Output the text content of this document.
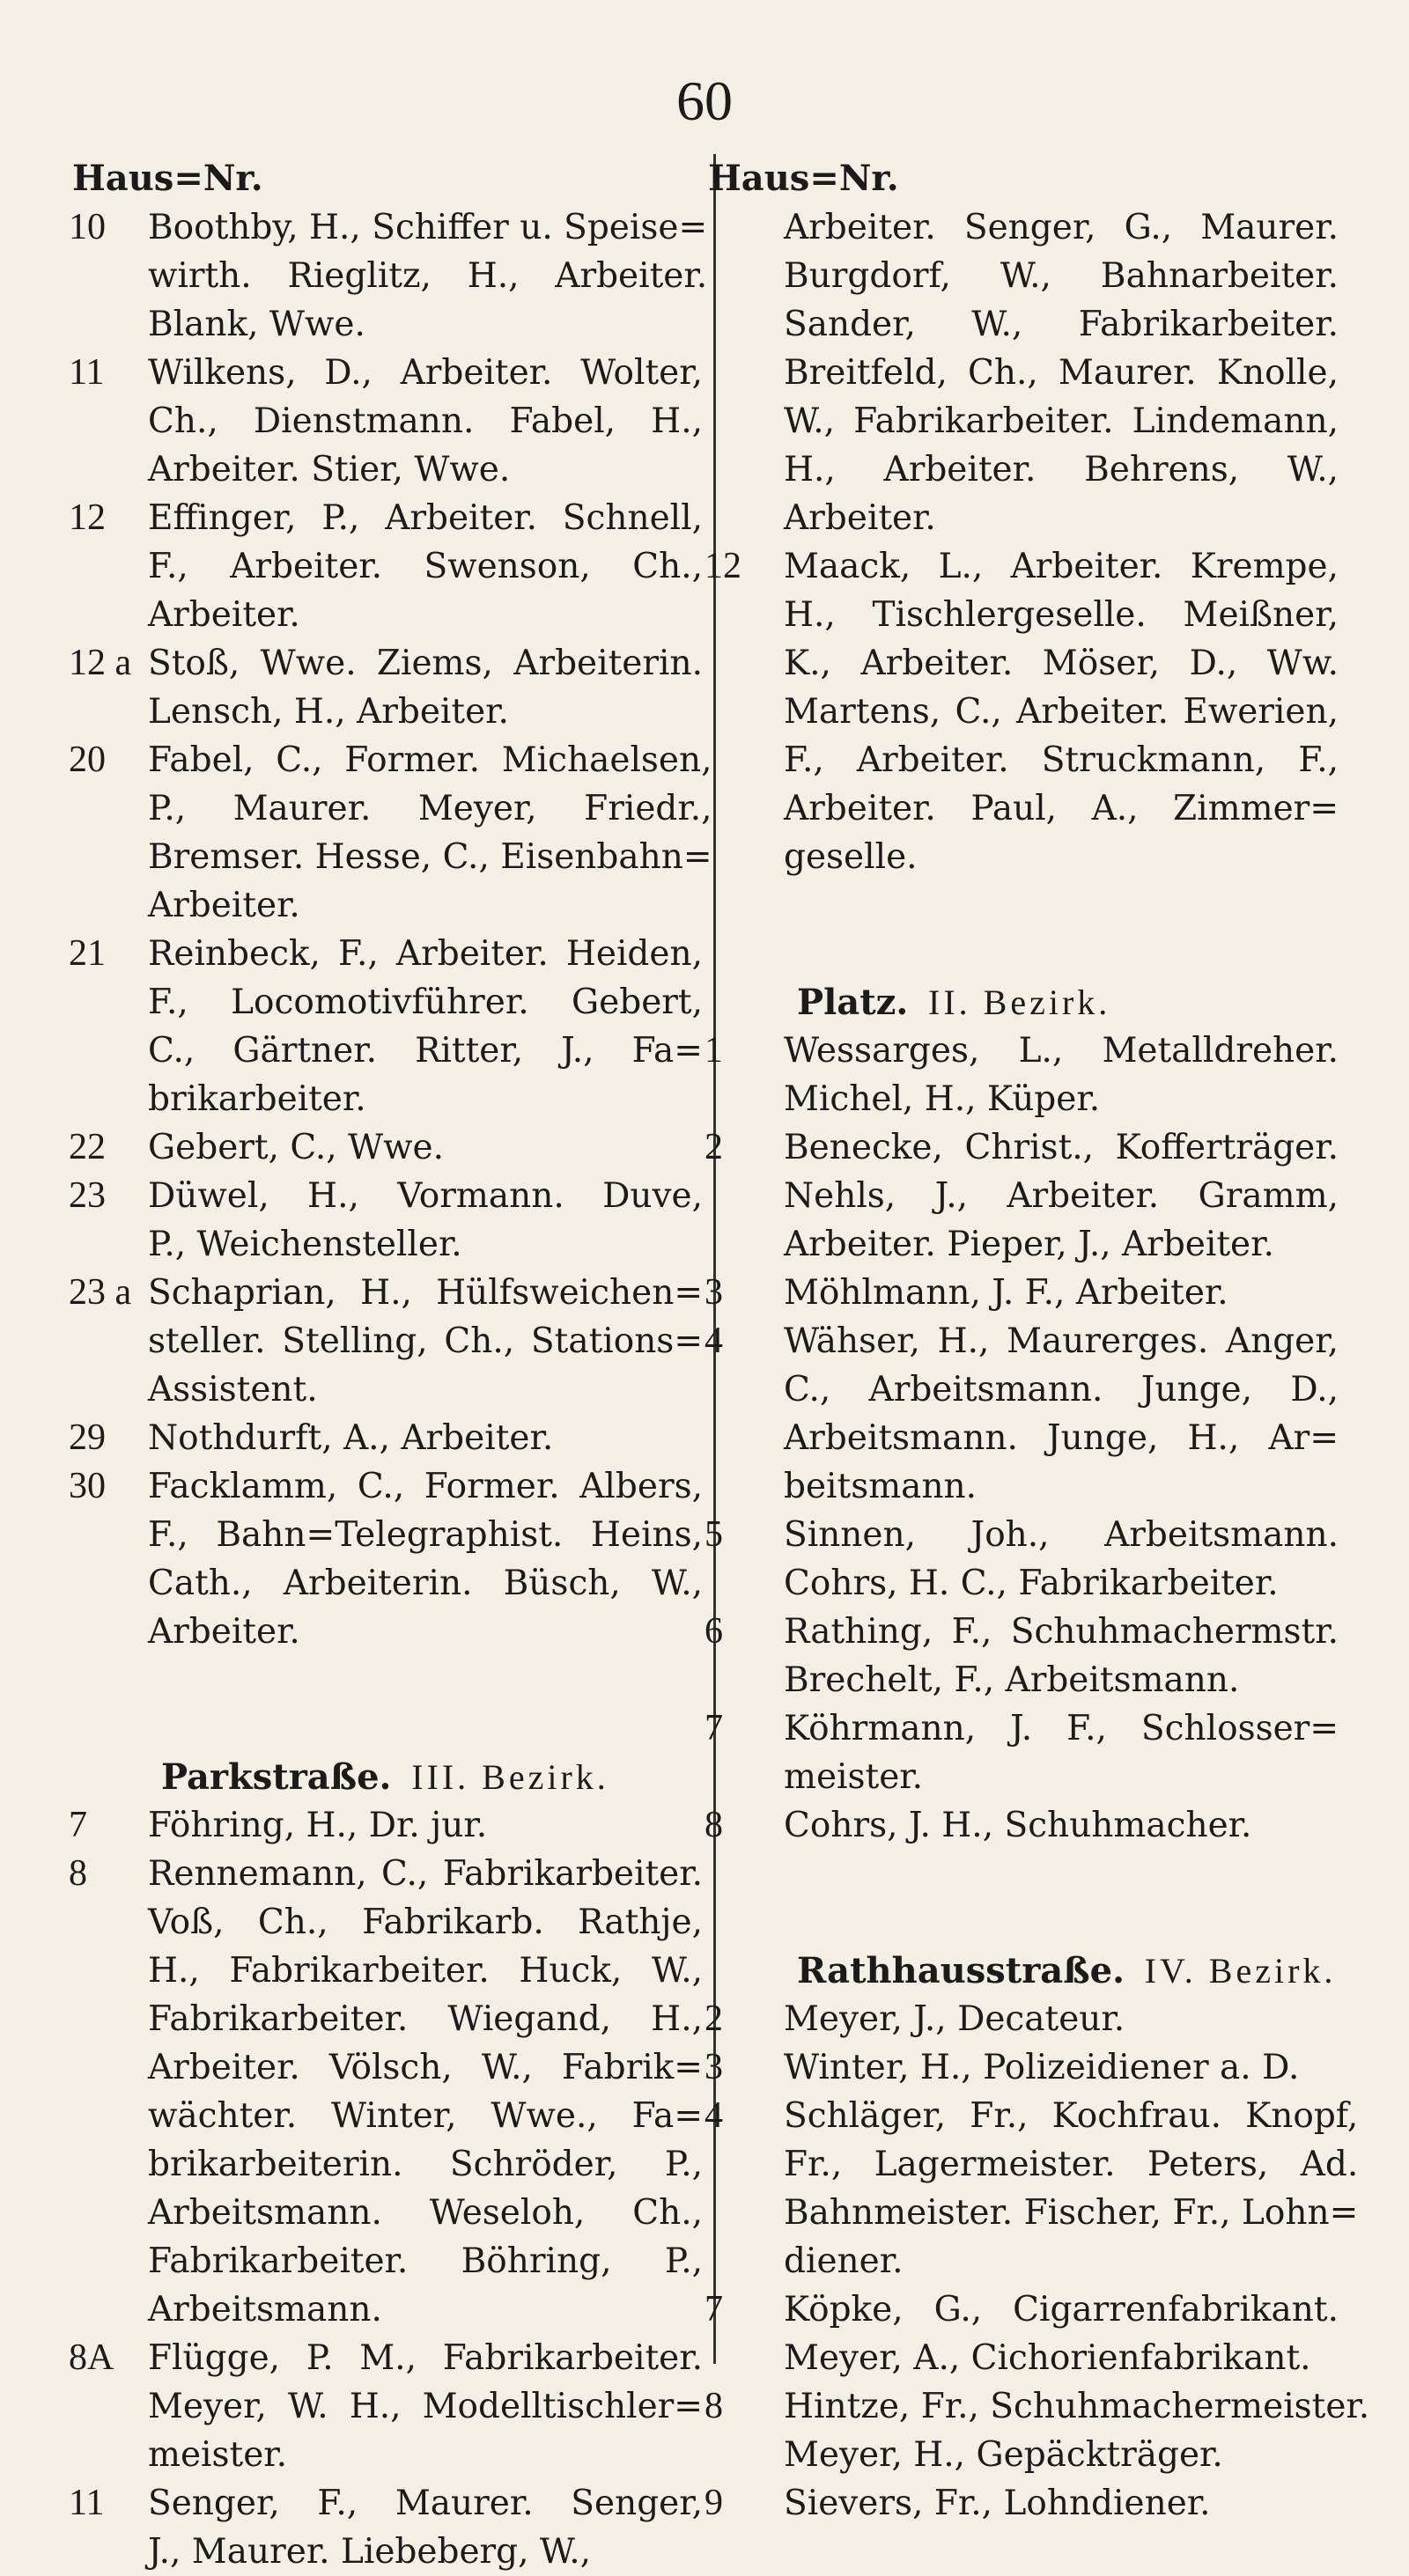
60
Haus=Nr.
10	Boothby, H., Schiffer u. Speise=
wirth. Rieglitz, H., Arbeiter.
Blank, Wwe.
11	Wilkens, D., Arbeiter. Wolter,
Ch., Dienstmann. Fabel, H.,
Arbeiter. Stier, Wwe.
12	Effinger, P., Arbeiter. Schnell,
F., Arbeiter. Swenson, Ch.,
Arbeiter.
12 a Stoß, Wwe. Ziems, Arbeiterin.
Lensch, H., Arbeiter.
20	Fabel, C., Former. Michaelsen,
P., Maurer. Meyer, Friedr.,
Bremser. Hesse, C., Eisenbahn=
Arbeiter.
21	Reinbeck, F., Arbeiter. Heiden,
F., Locomotivführer. Gebert,
C., Gärtner. Ritter, J., Fa=
brikarbeiter.
22	Gebert, C., Wwe.
23	Düwel, H., Vormann. Duve,
P., Weichensteller.
23 a Schaprian, H., Hülfsweichen=
steller. Stelling, Ch., Stations=
Assistent.
29	Nothdurft, A., Arbeiter.
30	Facklamm, C., Former. Albers,
F., Bahn=Telegraphist. Heins,
Cath., Arbeiterin. Büsch, W.,
Arbeiter.
Parkstraße. III. Bezirk.
7	Föhring, H., Dr. jur.
8	Rennemann, C., Fabrikarbeiter.
Voß, Ch., Fabrikarb. Rathje,
H., Fabrikarbeiter. Huck, W.,
Fabrikarbeiter. Wiegand, H.,
Arbeiter. Völsch, W., Fabrik=
wächter. Winter, Wwe., Fa=
brikarbeiterin. Schröder, P.,
Arbeitsmann. Weseloh, Ch.,
Fabrikarbeiter. Böhring, P.,
Arbeitsmann.
8A Flügge, P. M., Fabrikarbeiter.
Meyer, W. H., Modelltischler=
meister.
11	Senger, F., Maurer. Senger,
J., Maurer. Liebeberg, W.,
Haus=Nr.
Arbeiter. Senger, G., Maurer.
Burgdorf, W., Bahnarbeiter.
Sander, W., Fabrikarbeiter.
Breitfeld, Ch., Maurer. Knolle,
W., Fabrikarbeiter. Lindemann,
H., Arbeiter. Behrens, W.,
Arbeiter.
12	Maack, L., Arbeiter. Krempe,
H., Tischlergeselle. Meißner,
K., Arbeiter. Möser, D., Ww.
Martens, C., Arbeiter. Ewerien,
F., Arbeiter. Struckmann, F.,
Arbeiter. Paul, A., Zimmer=
geselle.
Platz. II. Bezirk.
1	Wessarges, L., Metalldreher.
Michel, H., Küper.
2	Benecke, Christ., Kofferträger.
Nehls, J., Arbeiter. Gramm,
Arbeiter. Pieper, J., Arbeiter.
3	Möhlmann, J. F., Arbeiter.
4	Wähser, H., Maurerges. Anger,
C., Arbeitsmann. Junge, D.,
Arbeitsmann. Junge, H., Ar=
beitsmann.
5	Sinnen, Joh., Arbeitsmann.
Cohrs, H. C., Fabrikarbeiter.
6	Rathing, F., Schuhmachermstr.
Brechelt, F., Arbeitsmann.
7	Köhrmann, J. F., Schlosser=
meister.
8	Cohrs, J. H., Schuhmacher.
Rathhausstraße. IV. Bezirk.
2	Meyer, J., Decateur.
3	Winter, H., Polizeidiener a. D.
4	Schläger, Fr., Kochfrau. Knopf,
Fr., Lagermeister. Peters, Ad.
Bahnmeister. Fischer, Fr., Lohn=
diener.
7	Köpke, G., Cigarrenfabrikant.
Meyer, A., Cichorienfabrikant.
8	Hintze, Fr., Schuhmachermeister.
Meyer, H., Gepäckträger.
9	Sievers, Fr., Lohndiener.
